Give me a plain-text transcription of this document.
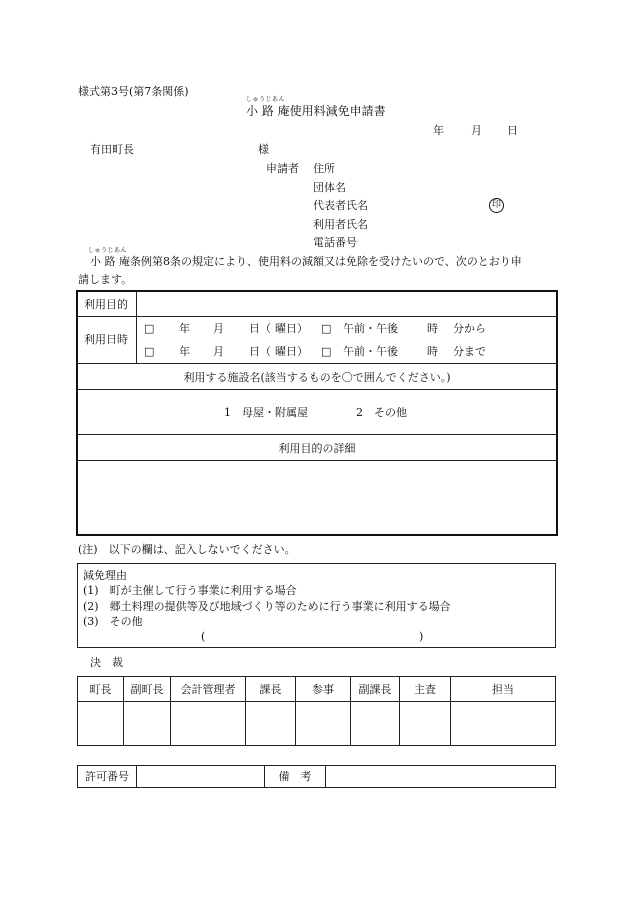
様式第3号(第7条関係)
しゅうじあん
小 路 庵使用料減免申請書
年 月 日
有田町長	様
申請者 住所
団体名
代表者氏名	印
利用者氏名
電話番号
しゅうじあん
小 路 庵条例第8条の規定により、使用料の減額又は免除を受けたいので、次のとおり申
請します。
利用目的
利用日時
□ 年 月 日（ 曜日） □ 午前・午後	時 分から
□ 年 月 日（ 曜日） □ 午前・午後	時 分まで
利用する施設名(該当するものを〇で囲んでください。)
1　母屋・附属屋	2　その他
利用目的の詳細
(注)　以下の欄は、記入しないでください。
減免理由
(1)　町が主催して行う事業に利用する場合
(2)　郷土料理の提供等及び地域づくり等のために行う事業に利用する場合
(3)　その他
(	)
決　裁
町長	副町長	会計管理者	課長	参事	副課長	主査	担当

許可番号		備　考	
